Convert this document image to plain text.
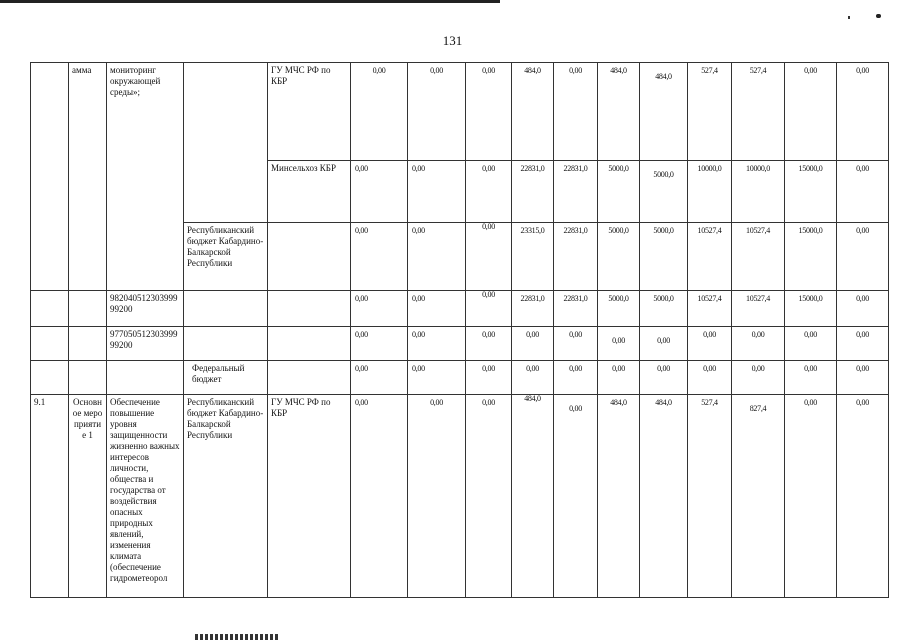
131
	амма	мониторинг окружающей среды»;		ГУ МЧС РФ по КБР	0,00	0,00	0,00	484,0	0,00	484,0	484,0	527,4	527,4	0,00	0,00
				Минсельхоз КБР	0,00	0,00	0,00	22831,0	22831,0	5000,0	5000,0	10000,0	10000,0	15000,0	0,00
			Республиканский бюджет Кабардино-Балкарской Республики		0,00	0,00	0,00	23315,0	22831,0	5000,0	5000,0	10527,4	10527,4	15000,0	0,00
		98204051230399999200			0,00	0,00	0,00	22831,0	22831,0	5000,0	5000,0	10527,4	10527,4	15000,0	0,00
		97705051230399999200			0,00	0,00	0,00	0,00	0,00	0,00	0,00	0,00	0,00	0,00	0,00
			Федеральный бюджет		0,00	0,00	0,00	0,00	0,00	0,00	0,00	0,00	0,00	0,00	0,00
9.1	Основное мероприятие 1	Обеспечение повышение уровня защищенности жизненно важных интересов личности, общества и государства от воздействия опасных природных явлений, изменения климата (обеспечение гидрометеорол	Республиканский бюджет Кабардино-Балкарской Республики	ГУ МЧС РФ по КБР	0,00	0,00	0,00	484,0	0,00	484,0	484,0	527,4	827,4	0,00	0,00
